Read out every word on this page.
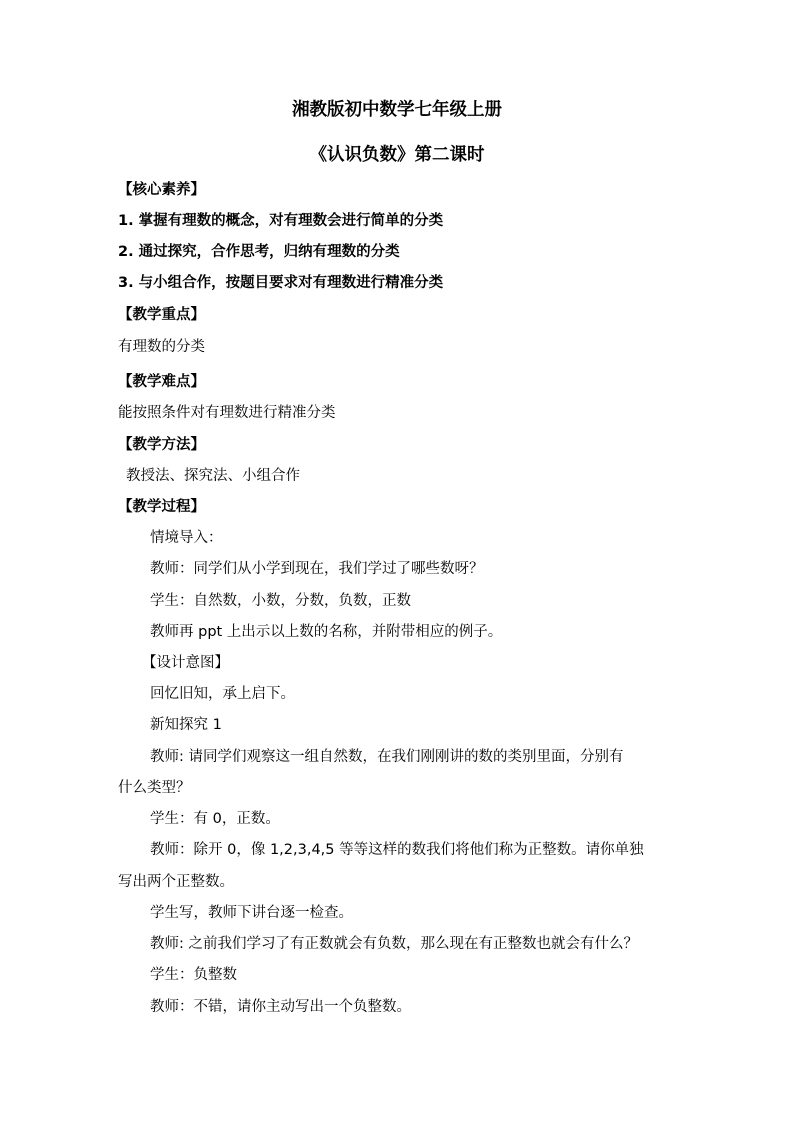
湘教版初中数学七年级上册
《认识负数》第二课时
【核心素养】
1. 掌握有理数的概念，对有理数会进行简单的分类
2. 通过探究，合作思考，归纳有理数的分类
3. 与小组合作，按题目要求对有理数进行精准分类
【教学重点】
有理数的分类
【教学难点】
能按照条件对有理数进行精准分类
【教学方法】
教授法、探究法、小组合作
【教学过程】
情境导入：
教师：同学们从小学到现在，我们学过了哪些数呀？
学生：自然数，小数，分数，负数，正数
教师再 ppt 上出示以上数的名称，并附带相应的例子。
【设计意图】
回忆旧知，承上启下。
新知探究 1
教师: 请同学们观察这一组自然数，在我们刚刚讲的数的类别里面，分别有
什么类型？
学生：有 0，正数。
教师：除开 0，像 1,2,3,4,5 等等这样的数我们将他们称为正整数。请你单独
写出两个正整数。
学生写，教师下讲台逐一检查。
教师: 之前我们学习了有正数就会有负数，那么现在有正整数也就会有什么？
学生：负整数
教师：不错，请你主动写出一个负整数。
